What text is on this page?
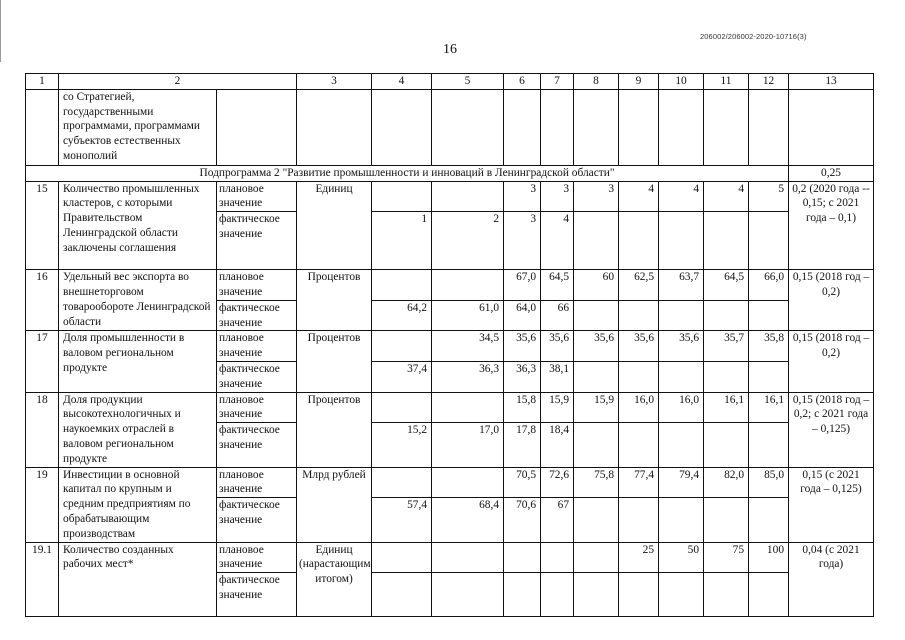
206002/206002-2020-10716(3)
16
1	2		3	4	5	6	7	8	9	10	11	12	13
	со Стратегией, государственными программами, программами субъектов естественных монополий												
Подпрограмма 2 "Развитие промышленности и инноваций в Ленинградской области"													0,25
15	Количество промышленных кластеров, с которыми Правительством Ленинградской области заключены соглашения	плановое значение	Единиц			3	3	3	4	4	4	5	0,2 (2020 года -- 0,15; с 2021 года – 0,1)
		фактическое значение		1	2	3	4						
16	Удельный вес экспорта во внешнеторговом товарообороте Ленинградской области	плановое значение	Процентов			67,0	64,5	60	62,5	63,7	64,5	66,0	0,15 (2018 год – 0,2)
		фактическое значение		64,2	61,0	64,0	66						
17	Доля промышленности в валовом региональном продукте	плановое значение	Процентов		34,5	35,6	35,6	35,6	35,6	35,6	35,7	35,8	0,15 (2018 год – 0,2)
		фактическое значение		37,4	36,3	36,3	38,1						
18	Доля продукции высокотехнологичных и наукоемких отраслей в валовом региональном продукте	плановое значение	Процентов			15,8	15,9	15,9	16,0	16,0	16,1	16,1	0,15 (2018 год – 0,2; с 2021 года – 0,125)
		фактическое значение		15,2	17,0	17,8	18,4						
19	Инвестиции в основной капитал по крупным и средним предприятиям по обрабатывающим производствам	плановое значение	Млрд рублей			70,5	72,6	75,8	77,4	79,4	82,0	85,0	0,15 (с 2021 года – 0,125)
		фактическое значение		57,4	68,4	70,6	67						
19.1	Количество созданных рабочих мест*	плановое значение	Единиц (нарастающим итогом)						25	50	75	100	0,04 (с 2021 года)
		фактическое значение											
